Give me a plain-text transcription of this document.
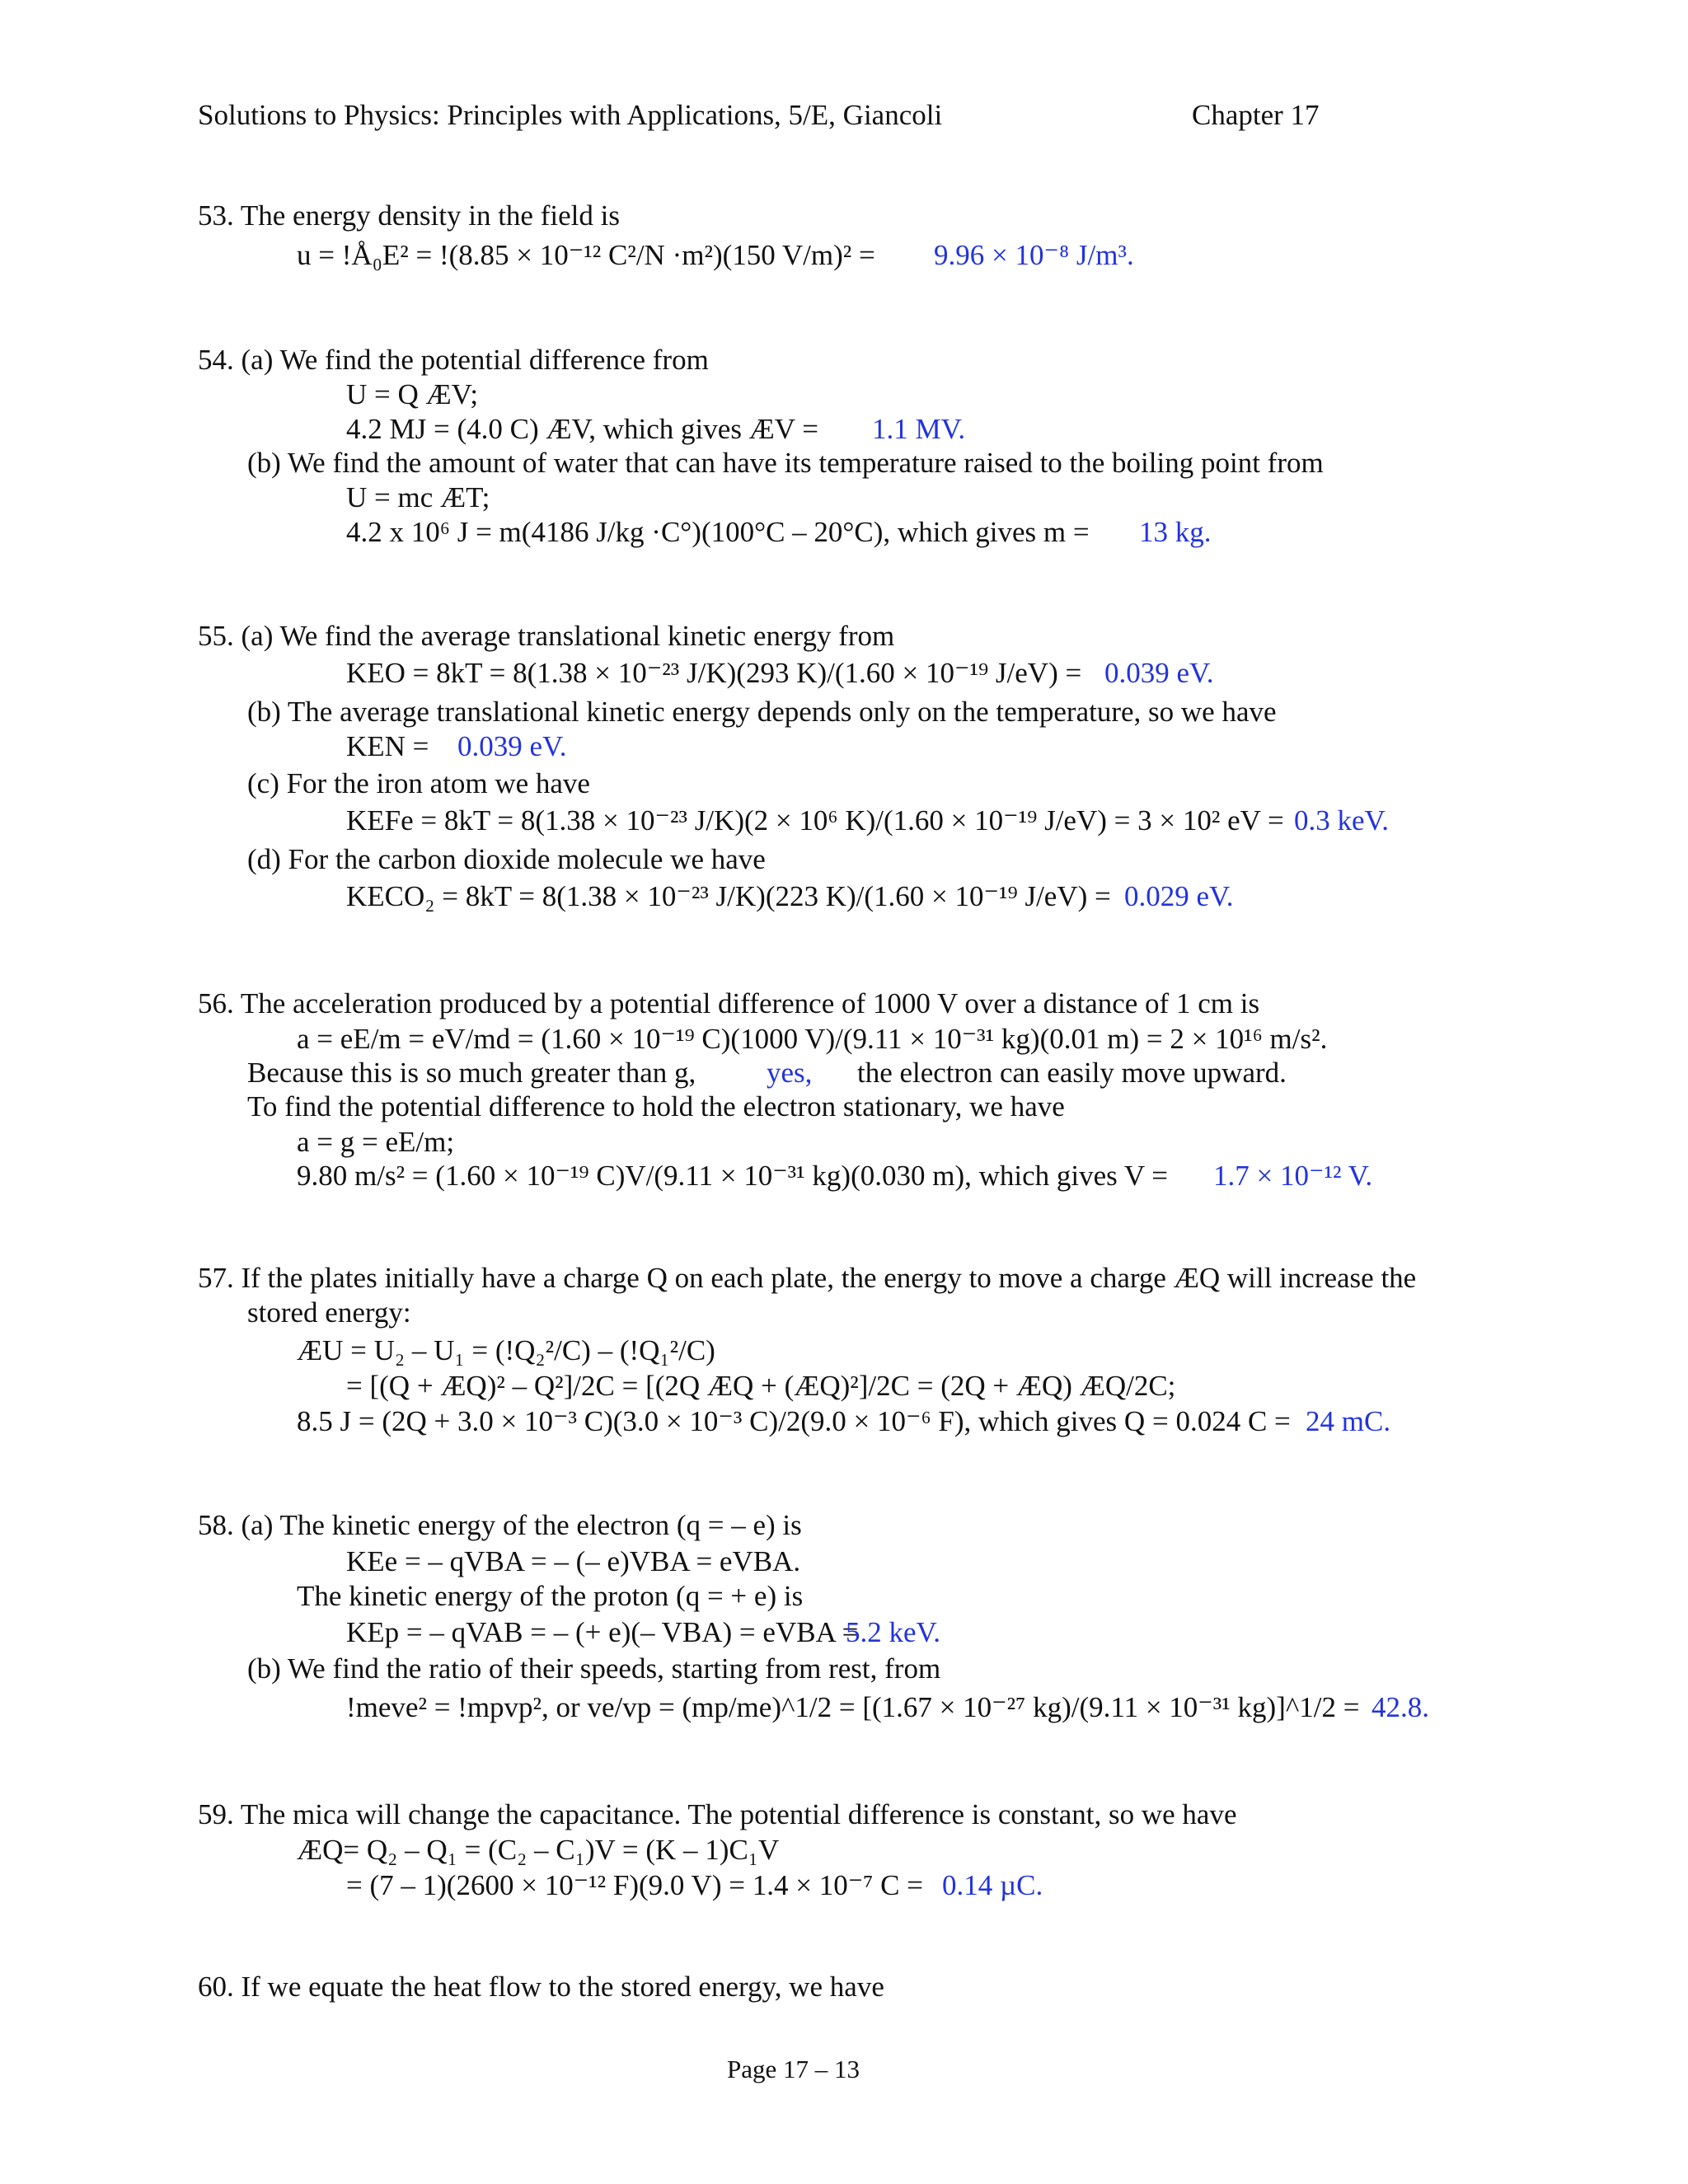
Solutions to Physics: Principles with Applications, 5/E, Giancoli	Chapter 17
53. The energy density in the field is
u = !Å₀E² = !(8.85 × 10⁻¹² C²/N ·m²)(150 V/m)² = 9.96 × 10⁻⁸ J/m³.
54. (a) We find the potential difference from
U = Q ÆV;
4.2 MJ = (4.0 C) ÆV, which gives ÆV = 1.1 MV.
(b) We find the amount of water that can have its temperature raised to the boiling point from
U = mc ÆT;
4.2 x 10⁶ J = m(4186 J/kg ·C°)(100°C – 20°C), which gives m = 13 kg.
55. (a) We find the average translational kinetic energy from
KEO = 8kT = 8(1.38 × 10⁻²³ J/K)(293 K)/(1.60 × 10⁻¹⁹ J/eV) = 0.039 eV.
(b) The average translational kinetic energy depends only on the temperature, so we have
KEN = 0.039 eV.
(c) For the iron atom we have
KEFe = 8kT = 8(1.38 × 10⁻²³ J/K)(2 × 10⁶ K)/(1.60 × 10⁻¹⁹ J/eV) = 3 × 10² eV = 0.3 keV.
(d) For the carbon dioxide molecule we have
KECO₂ = 8kT = 8(1.38 × 10⁻²³ J/K)(223 K)/(1.60 × 10⁻¹⁹ J/eV) = 0.029 eV.
56. The acceleration produced by a potential difference of 1000 V over a distance of 1 cm is
a = eE/m = eV/md = (1.60 × 10⁻¹⁹ C)(1000 V)/(9.11 × 10⁻³¹ kg)(0.01 m) = 2 × 10¹⁶ m/s².
Because this is so much greater than g, yes, the electron can easily move upward.
To find the potential difference to hold the electron stationary, we have
a = g = eE/m;
9.80 m/s² = (1.60 × 10⁻¹⁹ C)V/(9.11 × 10⁻³¹ kg)(0.030 m), which gives V = 1.7 × 10⁻¹² V.
57. If the plates initially have a charge Q on each plate, the energy to move a charge ÆQ will increase the
stored energy:
ÆU = U₂ – U₁ = (!Q₂²/C) – (!Q₁²/C)
= [(Q + ÆQ)² – Q²]/2C = [(2Q ÆQ + (ÆQ)²]/2C = (2Q + ÆQ) ÆQ/2C;
8.5 J = (2Q + 3.0 × 10⁻³ C)(3.0 × 10⁻³ C)/2(9.0 × 10⁻⁶ F), which gives Q = 0.024 C = 24 mC.
58. (a) The kinetic energy of the electron (q = – e) is
KEe = – qVBA = – (– e)VBA = eVBA.
The kinetic energy of the proton (q = + e) is
KEp = – qVAB = – (+ e)(– VBA) = eVBA =
5.2 keV.
(b) We find the ratio of their speeds, starting from rest, from
!meve² = !mpvp², or ve/vp = (mp/me)^1/2 = [(1.67 × 10⁻²⁷ kg)/(9.11 × 10⁻³¹ kg)]^1/2 = 42.8.
59. The mica will change the capacitance. The potential difference is constant, so we have
ÆQ= Q₂ – Q₁ = (C₂ – C₁)V = (K – 1)C₁V
= (7 – 1)(2600 × 10⁻¹² F)(9.0 V) = 1.4 × 10⁻⁷ C = 0.14 µC.
60. If we equate the heat flow to the stored energy, we have
Page 17 – 13
